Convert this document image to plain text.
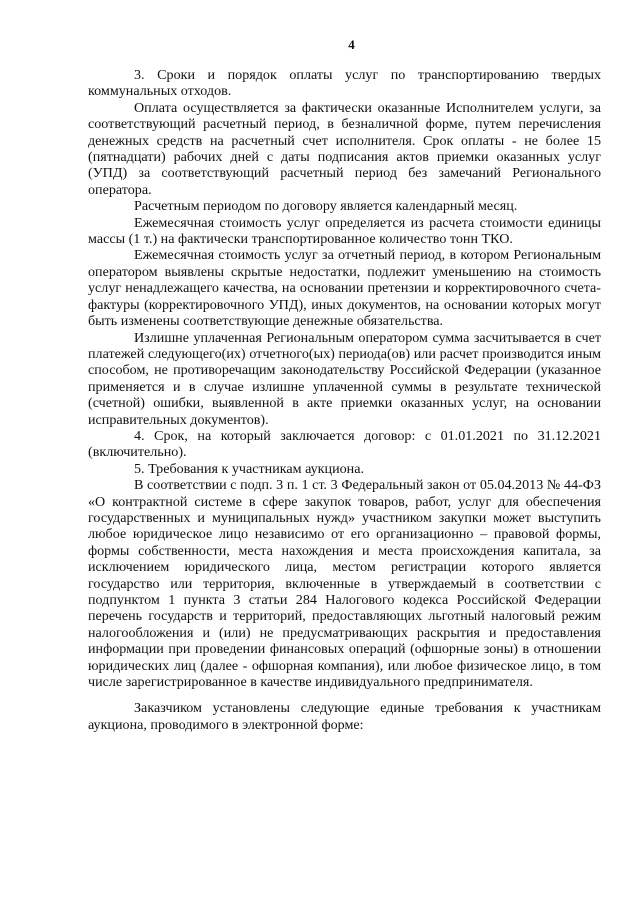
4

3. Сроки и порядок оплаты услуг по транспортированию твердых коммунальных отходов.

Оплата осуществляется за фактически оказанные Исполнителем услуги, за соответствующий расчетный период, в безналичной форме, путем перечисления денежных средств на расчетный счет исполнителя. Срок оплаты - не более 15 (пятнадцати) рабочих дней с даты подписания актов приемки оказанных услуг (УПД) за соответствующий расчетный период без замечаний Регионального оператора.

Расчетным периодом по договору является календарный месяц.

Ежемесячная стоимость услуг определяется из расчета стоимости единицы массы (1 т.) на фактически транспортированное количество тонн ТКО.

Ежемесячная стоимость услуг за отчетный период, в котором Региональным оператором выявлены скрытые недостатки, подлежит уменьшению на стоимость услуг ненадлежащего качества, на основании претензии и корректировочного счета-фактуры (корректировочного УПД), иных документов, на основании которых могут быть изменены соответствующие денежные обязательства.

Излишне уплаченная Региональным оператором сумма засчитывается в счет платежей следующего(их) отчетного(ых) периода(ов) или расчет производится иным способом, не противоречащим законодательству Российской Федерации (указанное применяется и в случае излишне уплаченной суммы в результате технической (счетной) ошибки, выявленной в акте приемки оказанных услуг, на основании исправительных документов).

4. Срок, на который заключается договор: с 01.01.2021 по 31.12.2021 (включительно).

5. Требования к участникам аукциона.

В соответствии с подп. 3 п. 1 ст. 3 Федеральный закон от 05.04.2013 № 44-ФЗ «О контрактной системе в сфере закупок товаров, работ, услуг для обеспечения государственных и муниципальных нужд» участником закупки может выступить любое юридическое лицо независимо от его организационно – правовой формы, формы собственности, места нахождения и места происхождения капитала, за исключением юридического лица, местом регистрации которого является государство или территория, включенные в утверждаемый в соответствии с подпунктом 1 пункта 3 статьи 284 Налогового кодекса Российской Федерации перечень государств и территорий, предоставляющих льготный налоговый режим налогообложения и (или) не предусматривающих раскрытия и предоставления информации при проведении финансовых операций (офшорные зоны) в отношении юридических лиц (далее - офшорная компания), или любое физическое лицо, в том числе зарегистрированное в качестве индивидуального предпринимателя.

Заказчиком установлены следующие единые требования к участникам аукциона, проводимого в электронной форме:
